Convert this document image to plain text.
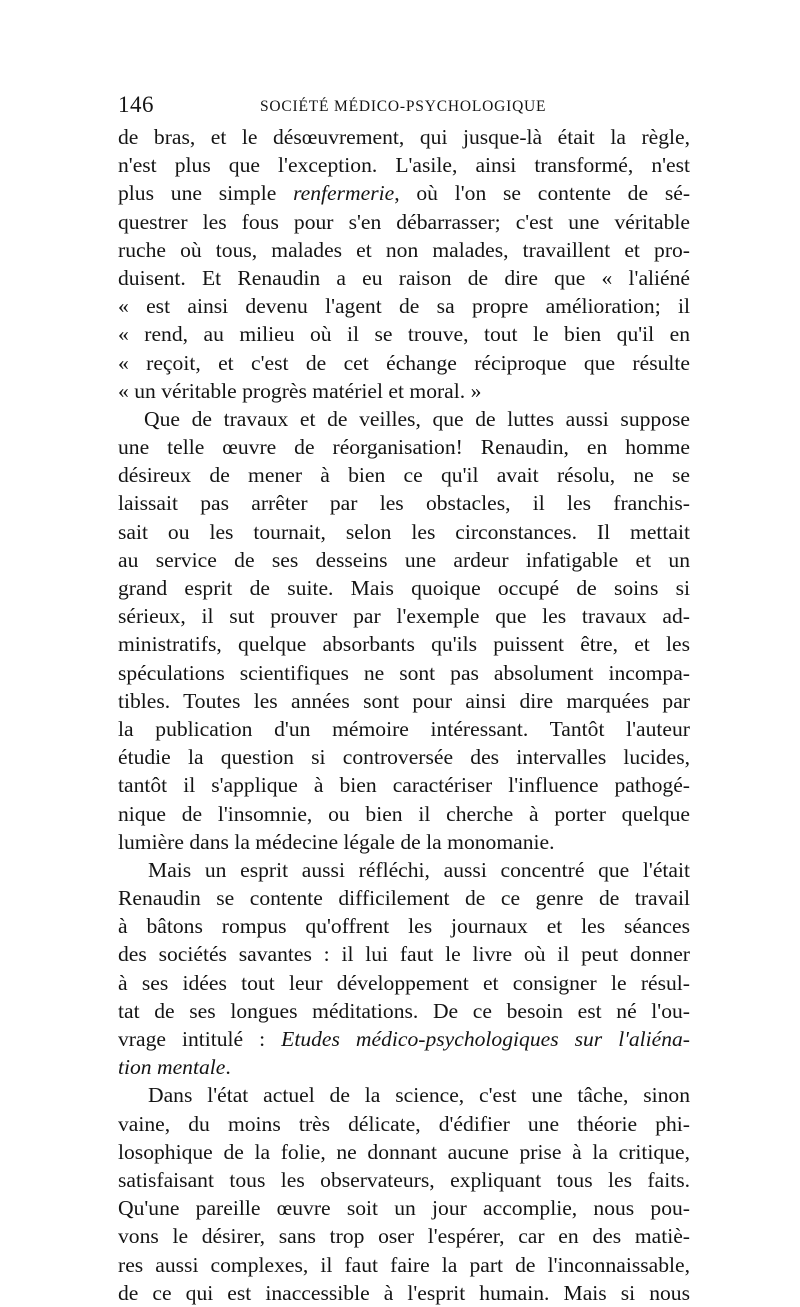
146	SOCIÉTÉ MÉDICO-PSYCHOLOGIQUE
de bras, et le désœuvrement, qui jusque-là était la règle,
n'est plus que l'exception. L'asile, ainsi transformé, n'est
plus une simple renfermerie, où l'on se contente de sé-
questrer les fous pour s'en débarrasser; c'est une véritable
ruche où tous, malades et non malades, travaillent et pro-
duisent. Et Renaudin a eu raison de dire que « l'aliéné
« est ainsi devenu l'agent de sa propre amélioration; il
« rend, au milieu où il se trouve, tout le bien qu'il en
« reçoit, et c'est de cet échange réciproque que résulte
« un véritable progrès matériel et moral. »
Que de travaux et de veilles, que de luttes aussi suppose
une telle œuvre de réorganisation! Renaudin, en homme
désireux de mener à bien ce qu'il avait résolu, ne se
laissait pas arrêter par les obstacles, il les franchis-
sait ou les tournait, selon les circonstances. Il mettait
au service de ses desseins une ardeur infatigable et un
grand esprit de suite. Mais quoique occupé de soins si
sérieux, il sut prouver par l'exemple que les travaux ad-
ministratifs, quelque absorbants qu'ils puissent être, et les
spéculations scientifiques ne sont pas absolument incompa-
tibles. Toutes les années sont pour ainsi dire marquées par
la publication d'un mémoire intéressant. Tantôt l'auteur
étudie la question si controversée des intervalles lucides,
tantôt il s'applique à bien caractériser l'influence pathogé-
nique de l'insomnie, ou bien il cherche à porter quelque
lumière dans la médecine légale de la monomanie.
Mais un esprit aussi réfléchi, aussi concentré que l'était
Renaudin se contente difficilement de ce genre de travail
à bâtons rompus qu'offrent les journaux et les séances
des sociétés savantes : il lui faut le livre où il peut donner
à ses idées tout leur développement et consigner le résul-
tat de ses longues méditations. De ce besoin est né l'ou-
vrage intitulé : Etudes médico-psychologiques sur l'aliéna-
tion mentale.
Dans l'état actuel de la science, c'est une tâche, sinon
vaine, du moins très délicate, d'édifier une théorie phi-
losophique de la folie, ne donnant aucune prise à la critique,
satisfaisant tous les observateurs, expliquant tous les faits.
Qu'une pareille œuvre soit un jour accomplie, nous pou-
vons le désirer, sans trop oser l'espérer, car en des matiè-
res aussi complexes, il faut faire la part de l'inconnaissable,
de ce qui est inaccessible à l'esprit humain. Mais si nous
